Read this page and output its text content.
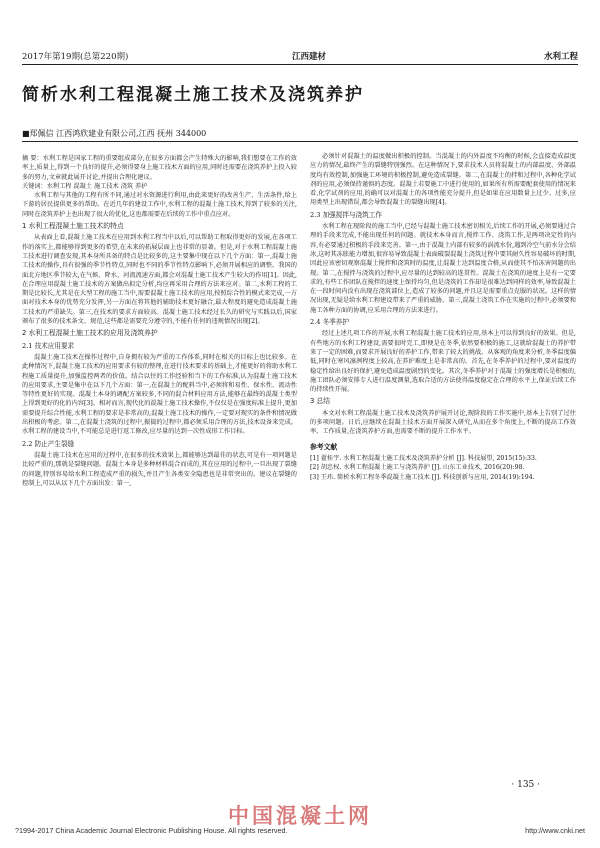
2017年第19期(总第220期)	江西建材	水利工程
简析水利工程混凝土施工技术及浇筑养护
■郑佩信 江西鸿欣建业有限公司,江西 抚州 344000

摘 要：水利工程是国家工程的重要组成部分,在很多方面都会产生特殊大的影响,我们想要在工作的效率上,质量上,得到一个良好的提升,必须得要身上施工技术方面的应用,同时还需要在浇筑养护上投入较多的努力,文章就此展开讨论,并提出合理化建议。

关键词：水利工程 混凝土 施工技术 浇筑 养护

水利工程与其他的工程有所不同,通过对水资源进行利用,由此来更好的改善生产、生活条件,给上下游的居民提供更多的帮助。在近几年的建设工作中,水利工程的混凝土施工技术,得到了较多的关注,同时在浇筑养护上也出现了很大的优化,这也都需要在后续的工作中重点应对。

1 水利工程混凝土施工技术的特点

从表面上看,混凝土施工技术在应用到水利工程当中以后,可以帮助工程取得更好的发展,在各项工作的落实上,都能够得到更多的希望,在未来的拓展层面上也非常的显著。但是,对于水利工程混凝土施工技术进行调查发现,其本身所具备的特点是比较多的,这主要集中现在以下几个方面：第一,混凝土施工技术的操作,具有很强的季节性特点,同时也不同的季节性特点影响下,必须开展相应的调整。我国的面北方地区季节较大,在气候、降水、河流流速方面,都会对混凝土施工技术产生较大的作用[1]。因此,在合理应用混凝土施工技术的方案做出拟定分析,均应再采用合理的方法来应对。第二,水利工程的工期是比较长,尤其是在大型工程的施工当中,需要混凝土施工技术的应用,按照综合性的模式来完成,一方面对技术本身的优势充分发挥,另一方面在将其他的辅助技术更好融合,最大程度的避免造成混凝土施工技术的严重缺失。第三,在技术的要求方面较高。混凝土施工技术经过长久的研究与实践以后,国家颁布了很多的技术条文、规范,这些都是需要充分遵守的,不能有任何的违规情况出现[2]。

2 水利工程混凝土施工技术的应用及浇筑养护
2.1 技术应用要求

混凝土施工技术在操作过程中,自身拥有较为严重的工作体系,同时在相关的目标上也比较多。在此种情况下,混凝土施工技术的应用要求有较的整理,在进行技术要求的基础上,才能更好的将助水利工程施工质量提升,加强监控两者的价值。结合以往的工作经验和当下的工作标准,认为混凝土施工技术的应用要求,主要是集中在以下几个方面：第一,在混凝土的配料当中,必须将和易性、保水性、流动性等特性更好的实现。混凝土本身的调配方案较多,不同的混合材料应用方法,能够在最终的混凝土类型上得到更好的化的内容[3]。相对而言,现代化的混凝土施工技术操作,不仅仅是在强度标准上提升,更加需要提升综合性能,水利工程的要求是非常高的,混凝土施工技术的操作,一定要对现实的条件和情况做出积极的考虑。第二,在混凝土浇筑的过程中,振捣的过程中,都必须采用合理的方法,技术设备来完成。水利工程的建设当中,不可能总是进行返工修改,应尽量的达到一次性成形工作目标。

2.2 防止产生裂缝

混凝土施工技术在应用的过程中,在很多的技术效果上,都能够达到最佳的状态,可是有一项问题是比较严重的,那就是裂缝问题。混凝土本身是多种材料混合而成的,其在应用的过程中,一旦出现了裂缝的问题,特别容易给水利工程造成严重的损失,并且产生各类安全隐患也是非常突出的。建议在裂缝的控制上,可以从以下几个方面出发：第一,

必须针对混凝土的温度做出积极的控制。当混凝土的内外温度不均衡的时候,会直接造成温度应力的情况,最终产生的裂缝特别强烈。在这种情况下,要求技术人员将混凝土的内部温度、外部温度均有效控制,加强施工环境的积极控制,避免造成裂缝。第二,在混凝土的拌和过程中,各种化学试剂的应用,必须保持谨慎的态度。混凝土若要施工中进行使用的,如果所有所需要配套使用的情况来看,化学试剂的应用,的确可以对混凝土的各项性能充分提升,但是如果在应用数量上过少、过多,应用类型上出现错误,都会导致混凝土的裂缝出现[4]。

2.3 加强搅拌与浇筑工作

水利工程在现阶段的施工当中,已经与混凝土施工技术密切相关,后续工作的开展,必须要通过合理的手段来完成,不能出现任何的问题。就技术本身而言,搅拌工作、浇筑工作,是两项决定性的内容,有必要通过积极的手段来完善。第一,由于混凝土内部有较多的涡流水份,遇到冷空气前水分会结冰,这时其冻胀能力增加,很容易导致混凝土表面破裂混凝土浇筑过程中要其耐久性容易破坏的时期,因此应该密切观察混凝土搅拌和浇筑时的温度,让混凝土达到温度合格,从而使其不怕冻害问题的出现。第二,在搅拌与浇筑的过程中,应尽量的达到较高的连贯性。混凝土在浇筑的速度上是有一定要求的,有些工作团队在搅拌的速度上保持均匀,但是浇筑的工作却是很难达到同样的效率,导致混凝土在一段时间内没有出现在浇筑部位上,造成了较多的问题,并且这是需要重点克服的状况。这样的情况出现,无疑是给水利工程建设带来了严重的威胁。第三,混凝土浇筑工作在实施的过程中,必须要和施工各种方面的协调,应采用合理的方法来进行。

2.4 冬季养护

经过上述几项工作的开展,水利工程混凝土施工技术的应用,基本上可以得到良好的效果。但是,有些地方的水利工程建设,需要很时完工,即便是在冬季,依然要积极的施工,这就给混凝土的养护带来了一定的困难,而要求开展良好的养护工作,带来了较大的挑战。从客观的角度来分析,冬季温度偏低,同时在寒风凛冽程度上较高,在养护难度上是非常高的。首先,在冬季养护的过程中,要对温度的稳定性给出良好的保护,避免造成温度剧烈的变化。其次,冬季养护对于混凝土的强度增长是积极的,施工团队必须安排专人进行温度测量,选取合适的方法使得温度稳定在合理的水平上,保证后续工作的持续性开展。

3 总结

本文对水利工程混凝土施工技术及浇筑养护展开讨论,现阶段的工作实施中,基本上告别了过往的多项问题。日后,应继续在混凝土技术方面开展深入研究,从而在多个角度上,不断的提高工作效率、工作质量,在浇筑养护方面,也需要不断的提升工作水平。

参考文献

[1] 翟桂宇. 水利工程混凝土施工技术及浇筑养护分析 [J]. 科技展望, 2015(15):33.

[2] 胡忠权. 水利工程混凝土施工与浇筑养护 [J]. 山东工业技术, 2016(20):98.

[3] 王玮. 简析水利工程冬季混凝土施工技术 [J]. 科技创新与应用, 2014(19):194.

· 135 ·
中国混凝土网
?1994-2017 China Academic Journal Electronic Publishing House. All rights reserved.	http://www.cnki.net
